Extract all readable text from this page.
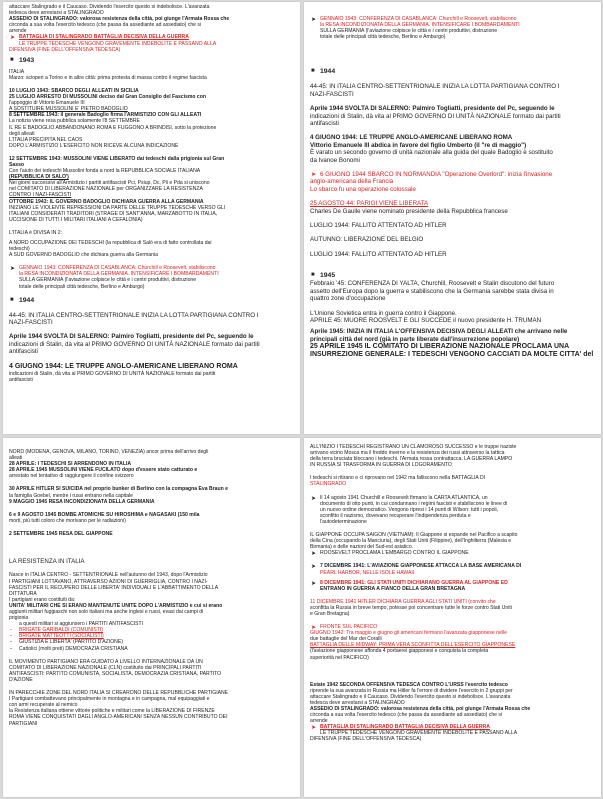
attaccare Stalingrado e il Caucaso. Dividendo l'esercito questo si indebolisce. L'avanzata
tedesca deve arrestarsi a STALINGRADO
ASSEDIO DI STALINGRADO: valorosa resistenza della città, poi giunge l'Armata Rossa che
circonda a sua volta l'esercito tedesco (che passa da assediante ad assediato) che si
arrende
➤ BATTAGLIA DI STALINGRADO BATTAGLIA DECISIVA DELLA GUERRA
LE TRUPPE TEDESCHE VENGONO GRAVEMENTE INDEBOLITE E PASSANO ALLA
DIFENSIVA (FINE DELL'OFFENSIVA TEDESCA)
■ 1943
ITALIA
Marzo: scioperi a Torino e in altre città: prima protesta di massa contro il regime fascista
10 LUGLIO 1943: SBARCO DEGLI ALLEATI IN SICILIA
25 LUGLIO ARRESTO DI MUSSOLINI deciso dal Gran Consiglio del Fascismo con
l'appoggio di Vittorio Emanuele III
A SOSTITUIRE MUSSOLINI E' PIETRO BADOGLIO
8 SETTEMBRE 1943: il generale Badoglio firma l'ARMISTIZIO CON GLI ALLEATI
La notizia viene resa pubblica solamente l'8 SETTEMBRE
IL RE E BADOGLIO ABBANDONANO ROMA E FUGGONO A BRINDISI, sotto la protezione
degli alleati
L'ITALIA PRECIPITA NEL CAOS
DOPO L'ARMISTIZIO L'ESERCITO NON RICEVE ALCUNA INDICAZIONE
12 SETTEMBRE 1943: MUSSOLINI VIENE LIBERATO dai tedeschi dalla prigionia sul Gran
Sasso
Con l'aiuto dei tedeschi Mussolini fonda a nord la REPUBBLICA SOCIALE ITALIANA
(REPUBBLICA DI SALO')
Nei giorni successivi all'Armistizio i partiti antifascisti Pci, Psiup, Dc, Pli e Pda si uniscono
nel COMITATO DI LIBERAZIONE NAZIONALE per ORGANIZZARE LA RESISTENZA
CONTRO I NAZI-FASCISTI
OTTOBRE 1943: IL GOVERNO BADOGLIO DICHIARA GUERRA ALLA GERMANIA
INIZIANO LE VIOLENTE REPRESSIONI DA PARTE DELLE TRUPPE TEDESCHE VERSO GLI
ITALIANI CONSIDERATI TRADITORI (STRAGE DI SANT'ANNA, MARZABOTTO IN ITALIA,
UCCISIONE DI TUTTI I MILITARI ITALIANI A CEFALONIA)
L'ITALIA è DIVISA IN 2:
A NORD OCCUPAZIONE DEI TEDESCHI (la repubblica di Salò era di fatto controllata dai
tedeschi)
A SUD GOVERNO BADOGLIO che dichiara guerra alla Germania
➤ GENNAIO 1943: CONFERENZA DI CASABLANCA: Churchill e Roosevelt, stabiliscono
la RESA INCONDIZIONATA DELLA GERMANIA. INTENSIFICARE I BOMBARDAMENTI
SULLA GERMANIA (l'aviazione colpisce le città e i centri produttivi, distruzione
totale delle principali città tedesche, Berlino e Amburgo)
■ 1944
44-45: IN ITALIA CENTRO-SETTENTRIONALE INIZIA LA LOTTA PARTIGIANA CONTRO I
NAZI-FASCISTI
Aprile 1944 SVOLTA DI SALERNO: Palmiro Togliatti, presidente del Pc, seguendo le
indicazioni di Stalin, dà vita al PRIMO GOVERNO DI UNITÀ NAZIONALE formato dai partiti
antifascisti
4 GIUGNO 1944: LE TRUPPE ANGLO-AMERICANE LIBERANO ROMA
indicazioni di Stalin, dà vita al PRIMO GOVERNO DI UNITÀ NAZIONALE formato dai partiti
antifascisti
➤ GENNAIO 1943: CONFERENZA DI CASABLANCA: Churchill e Roosevelt, stabiliscono
la RESA INCONDIZIONATA DELLA GERMANIA. INTENSIFICARE I BOMBARDAMENTI
SULLA GERMANIA (l'aviazione colpisce le città e i centri produttivi, distruzione
totale delle principali città tedesche, Berlino e Amburgo)
■ 1944
44-45: IN ITALIA CENTRO-SETTENTRIONALE INIZIA LA LOTTA PARTIGIANA CONTRO I
NAZI-FASCISTI
Aprile 1944 SVOLTA DI SALERNO: Palmiro Togliatti, presidente del Pc, seguendo le
indicazioni di Stalin, dà vita al PRIMO GOVERNO DI UNITÀ NAZIONALE formato dai partiti
antifascisti
4 GIUGNO 1944: LE TRUPPE ANGLO-AMERICANE LIBERANO ROMA
Vittorio Emanuele III abdica in favore del figlio Umberto (il "re di maggio")
È varato un secondo governo di unità nazionale alla guida del quale Badoglio è sostituito
da Ivanoe Bonomi
➤ 6 GIUGNO 1944 SBARCO IN NORMANDIA "Operazione Overlord": inizia l'invasione
anglo-americana della Francia
Lo sbarco fu una operazione colossale
25 AGOSTO 44: PARIGI VIENE LIBERATA
Charles De Gaulle viene nominato presidente della Repubblica francese
LUGLIO 1944: FALLITO ATTENTATO AD HITLER
AUTUNNO: LIBERAZIONE DEL BELGIO
LUGLIO 1944: FALLITO ATTENTATO AD HITLER
■ 1945
Febbraio '45: CONFERENZA DI YALTA, Churchill, Roosevelt e Stalin discutono del futuro
assetto dell'Europa dopo la guerra e stabiliscono che la Germania sarebbe stata divisa in
quattro zone d'occupazione
L'Unione Sovietica entra in guerra contro il Giappone.
APRILE 45: MUORE ROOSVELT E GLI SUCCEDE il nuovo presidente H. TRUMAN
Aprile 1945: INIZIA IN ITALIA L'OFFENSIVA DECISIVA DEGLI ALLEATI che arrivano nelle
principali città del nord (già in parte liberate dall'insurrezione popolare)
25 APRILE 1945 IL COMITATO DI LIBERAZIONE NAZIONALE PROCLAMA UNA
INSURREZIONE GENERALE: I TEDESCHI VENGONO CACCIATI DA MOLTE CITTA' del
NORD (MODENA, GENOVA, MILANO, TORINO, VENEZIA) ancor prima dell'arrivo degli
alleati
28 APRILE: I TEDESCHI SI ARRENDONO IN ITALIA
28 APRILE 1945 MUSSOLINI VIENE FUCILATO dopo d'essere stato catturato e
arrestato nel tentativo di raggiungere il confine svizzero
30 APRILE HITLER SI SUICIDA nel proprio bunker di Berlino con la compagna Eva Braun e
la famiglia Goebel, mentre i russi entrano nella capitale
9 MAGGIO 1945 RESA INCONDIZIONATA DELLA GERMANIA
6 e 9 AGOSTO 1945 BOMBE ATOMICHE SU HIROSHIMA e NAGASAKI (150 mila
morti, più tutti coloro che morivano per le radiazioni)
2 SETTEMBRE 1945 RESA DEL GIAPPONE
LA RESISTENZA IN ITALIA
Nasce in ITALIA CENTRO - SETTENTRIONALE nell'autunno del 1943, dopo l'Armistizio
I PARTIGIANI LOTTAVANO, ATTRAVERSO AZIONI DI GUERRIGLIA, CONTRO I NAZI-
FASCISTI PER IL RECUPERO DELLE LIBERTA' INDIVIDUALI E L'ABBATTIMENTO DELLA
DITTATURA
I partigiani erano costituiti da:
UNITA' MILITARI CHE SI ERANO MANTENUTE UNITE DOPO L'ARMISTIZIO e cui si erano
aggiunti militari fuggiaschi non solo italiani ma anche inglesi e russi, evasi dai campi di
prigionia
a questi militari si aggiunsero i PARTITI ANTIFASCISTI
- BRIGATE GARIBALDI (COMUNISTI)
- BRIGATE MATTEOTTI (SOCIALISTI)
- GIUSTIZIA E LIBERTA' (PARTITO D'AZIONE)
- Cattolici (molti preti) DEMOCRAZIA CRISTIANA
IL MOVIMENTO PARTIGIANO ERA GUIDATO A LIVELLO INTERNAZIONALE DA UN
COMITATO DI LIBERAZIONE NAZIONALE (CLN) costituito dai PRINCIPALI PARTITI
ANTIFASCISTI: PARTITO COMUNISTA, SOCIALISTA, DEMOCRAZIA CRISTIANA, PARTITO
D'AZIONE
IN PARECCHIE ZONE DEL NORD ITALIA SI CREARONO DELLE REPUBBLICHE PARTIGIANE
I Partigiani combattevano principalmente in montagna e in campagna, mal equipaggiati e
con armi recuperate al nemico
la Resistenza italiana ottiene vittorie politiche e militari come la LIBERAZIONE DI FIRENZE
ROMA VIENE CONQUISTATI DAGLI ANGLO-AMERICANI SENZA NESSUN CONTRIBUTO DEI
PARTIGIANI
ALL'INIZIO I TEDESCHI REGISTRANO UN CLAMOROSO SUCCESSO e le truppe naziste
arrivano vicino Mosca ma il freddo inverno e la resistenza dei russi attraverso la tattica
della terra bruciata bloccano i tedeschi. l'Armata rossa contrattacca. LA GUERRA LAMPO
IN RUSSIA SI TRASFORMA IN GUERRA DI LOGORAMENTO
I tedeschi si ritirano e ci riprovano nel 1942 ma falliscono nella BATTAGLIA DI
STALINGRADO
➤ Il 14 agosto 1941 Churchill e Roosevelt firmano la CARTA ATLANTICA, un
documento di otto punti, in cui condannano i regimi fascisti e stabiliscono le linee di
un nuovo ordine democratico. Vengono ripresi i 14 punti di Wilson: tutti i popoli,
sconfitto il nazismo, dovevano recuperare l'indipendenza perduta e
l'autodeterminazione
IL GIAPPONE OCCUPA SAIGON (VIETNAM): Il Giappone si espande nel Pacifico a scapito
della Cina (occupando la Manciuria), degli Stati Uniti (Filippine), dell'Inghilterra (Malesia e
Birmania) e delle nazioni del Sud-est asiatico.
➤ ROOSEVELT PROCLAMA L'EMBARGO CONTRO IL GIAPPONE
➤ 7 DICEMBRE 1941: L'AVIAZIONE GIAPPONESE ATTACCA LA BASE AMERICANA DI
PEARL HARBOR, NELLE ISOLE HAWAII
➤ 8 DICEMBRE 1941: GLI STATI UNITI DICHIARANO GUERRA AL GIAPPONE ED
ENTRANO IN GUERRA A FIANCO DELLA GRAN BRETAGNA
11 DICEMBRE 1941 HITLER DICHIARA GUERRA AGLI STATI UNITI (convito che
sconfitta la Russia in breve tempo, potesse poi concentrare tutte le forze contro Stati Uniti
e Gran Bretagna)
➤ FRONTE SUL PACIFICO
GIUGNO 1942: Tra maggio e giugno gli americani fermano l'avanzata giapponese nelle
due battaglie del Mar dei Coralli
BATTAGLIA DELLE MIDWAY: PRIMA VERA SCONFITTA DELL'ESERCITO GIAPPONESE
(l'aviazione giapponese affonda 4 portaerei giapponesi e conquista la completa
superiorità nel PACIFICO)
Estate 1942 SECONDA OFFENSIVA TEDESCA CONTRO L'URSS l'esercito tedesco
riprende la sua avanzata in Russia ma Hitler fa l'errore di dividere l'esercito in 2 gruppi per
attaccare Stalingrado e il Caucaso. Dividendo l'esercito questo si indebolisce. L'avanzata
tedesca deve arrestarsi a STALINGRADO
ASSEDIO DI STALINGRADO: valorosa resistenza della città, poi giunge l'Armata Rossa che
circonda a sua volta l'esercito tedesco (che passa da assediante ad assediato) che si
arrende
➤ BATTAGLIA DI STALINGRADO BATTAGLIA DECISIVA DELLA GUERRA
LE TRUPPE TEDESCHE VENGONO GRAVEMENTE INDEBOLITE E PASSANO ALLA
DIFENSIVA (FINE DELL'OFFENSIVA TEDESCA)
